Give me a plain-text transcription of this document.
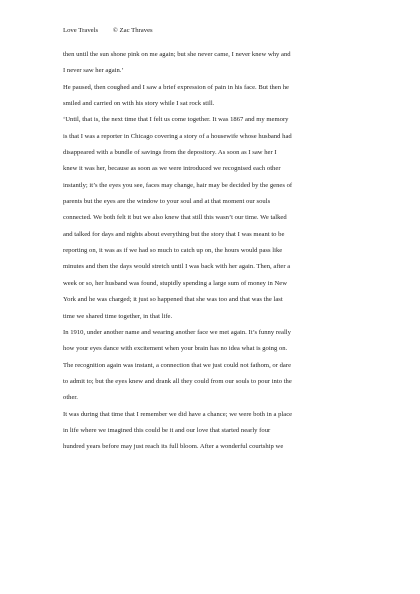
Love Travels © Zac Thraves
then until the sun shone pink on me again; but she never came, I never knew why and
I never saw her again.’
He paused, then coughed and I saw a brief expression of pain in his face. But then he
smiled and carried on with his story while I sat rock still.
‘Until, that is, the next time that I felt us come together. It was 1867 and my memory
is that I was a reporter in Chicago covering a story of a housewife whose husband had
disappeared with a bundle of savings from the depository. As soon as I saw her I
knew it was her, because as soon as we were introduced we recognised each other
instantly; it’s the eyes you see, faces may change, hair may be decided by the genes of
parents but the eyes are the window to your soul and at that moment our souls
connected. We both felt it but we also knew that still this wasn’t our time. We talked
and talked for days and nights about everything but the story that I was meant to be
reporting on, it was as if we had so much to catch up on, the hours would pass like
minutes and then the days would stretch until I was back with her again. Then, after a
week or so, her husband was found, stupidly spending a large sum of money in New
York and he was charged; it just so happened that she was too and that was the last
time we shared time together, in that life.
In 1910, under another name and wearing another face we met again. It’s funny really
how your eyes dance with excitement when your brain has no idea what is going on.
The recognition again was instant, a connection that we just could not fathom, or dare
to admit to; but the eyes knew and drank all they could from our souls to pour into the
other.
It was during that time that I remember we did have a chance; we were both in a place
in life where we imagined this could be it and our love that started nearly four
hundred years before may just reach its full bloom. After a wonderful courtship we
